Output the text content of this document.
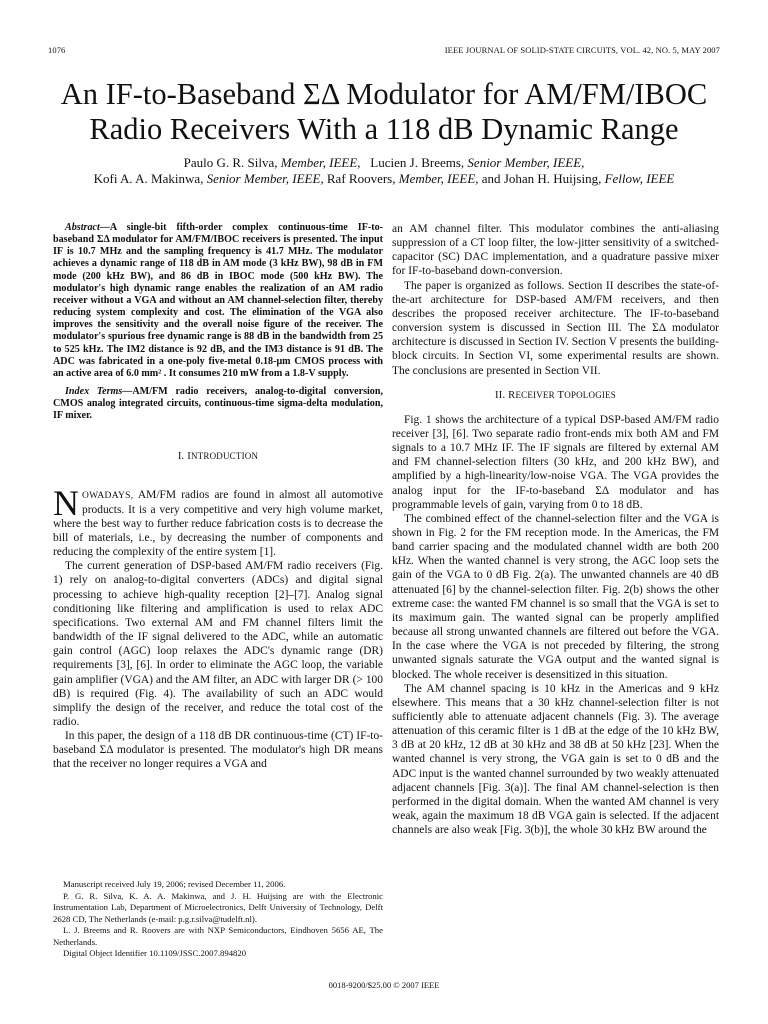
1076	IEEE JOURNAL OF SOLID-STATE CIRCUITS, VOL. 42, NO. 5, MAY 2007
An IF-to-Baseband ΣΔ Modulator for AM/FM/IBOC
Radio Receivers With a 118 dB Dynamic Range
Paulo G. R. Silva, Member, IEEE, Lucien J. Breems, Senior Member, IEEE,
Kofi A. A. Makinwa, Senior Member, IEEE, Raf Roovers, Member, IEEE, and Johan H. Huijsing, Fellow, IEEE

Abstract—A single-bit fifth-order complex continuous-time IF-to-baseband ΣΔ modulator for AM/FM/IBOC receivers is presented. The input IF is 10.7 MHz and the sampling frequency is 41.7 MHz. The modulator achieves a dynamic range of 118 dB in AM mode (3 kHz BW), 98 dB in FM mode (200 kHz BW), and 86 dB in IBOC mode (500 kHz BW). The modulator's high dynamic range enables the realization of an AM radio receiver without a VGA and without an AM channel-selection filter, thereby reducing system complexity and cost. The elimination of the VGA also improves the sensitivity and the overall noise figure of the receiver. The modulator's spurious free dynamic range is 88 dB in the bandwidth from 25 to 525 kHz. The IM2 distance is 92 dB, and the IM3 distance is 91 dB. The ADC was fabricated in a one-poly five-metal 0.18-μm CMOS process with an active area of 6.0 mm² . It consumes 210 mW from a 1.8-V supply.

Index Terms—AM/FM radio receivers, analog-to-digital conversion, CMOS analog integrated circuits, continuous-time sigma-delta modulation, IF mixer.

I. INTRODUCTION

NOWADAYS, AM/FM radios are found in almost all automotive products. It is a very competitive and very high volume market, where the best way to further reduce fabrication costs is to decrease the bill of materials, i.e., by decreasing the number of components and reducing the complexity of the entire system [1].

The current generation of DSP-based AM/FM radio receivers (Fig. 1) rely on analog-to-digital converters (ADCs) and digital signal processing to achieve high-quality reception [2]–[7]. Analog signal conditioning like filtering and amplification is used to relax ADC specifications. Two external AM and FM channel filters limit the bandwidth of the IF signal delivered to the ADC, while an automatic gain control (AGC) loop relaxes the ADC's dynamic range (DR) requirements [3], [6]. In order to eliminate the AGC loop, the variable gain amplifier (VGA) and the AM filter, an ADC with larger DR (> 100 dB) is required (Fig. 4). The availability of such an ADC would simplify the design of the receiver, and reduce the total cost of the radio.

In this paper, the design of a 118 dB DR continuous-time (CT) IF-to-baseband ΣΔ modulator is presented. The modulator's high DR means that the receiver no longer requires a VGA and

an AM channel filter. This modulator combines the anti-aliasing suppression of a CT loop filter, the low-jitter sensitivity of a switched-capacitor (SC) DAC implementation, and a quadrature passive mixer for IF-to-baseband down-conversion.

The paper is organized as follows. Section II describes the state-of-the-art architecture for DSP-based AM/FM receivers, and then describes the proposed receiver architecture. The IF-to-baseband conversion system is discussed in Section III. The ΣΔ modulator architecture is discussed in Section IV. Section V presents the building-block circuits. In Section VI, some experimental results are shown. The conclusions are presented in Section VII.

II. RECEIVER TOPOLOGIES

Fig. 1 shows the architecture of a typical DSP-based AM/FM radio receiver [3], [6]. Two separate radio front-ends mix both AM and FM signals to a 10.7 MHz IF. The IF signals are filtered by external AM and FM channel-selection filters (30 kHz, and 200 kHz BW), and amplified by a high-linearity/low-noise VGA. The VGA provides the analog input for the IF-to-baseband ΣΔ modulator and has programmable levels of gain, varying from 0 to 18 dB.

The combined effect of the channel-selection filter and the VGA is shown in Fig. 2 for the FM reception mode. In the Americas, the FM band carrier spacing and the modulated channel width are both 200 kHz. When the wanted channel is very strong, the AGC loop sets the gain of the VGA to 0 dB Fig. 2(a). The unwanted channels are 40 dB attenuated [6] by the channel-selection filter. Fig. 2(b) shows the other extreme case: the wanted FM channel is so small that the VGA is set to its maximum gain. The wanted signal can be properly amplified because all strong unwanted channels are filtered out before the VGA. In the case where the VGA is not preceded by filtering, the strong unwanted signals saturate the VGA output and the wanted signal is blocked. The whole receiver is desensitized in this situation.

The AM channel spacing is 10 kHz in the Americas and 9 kHz elsewhere. This means that a 30 kHz channel-selection filter is not sufficiently able to attenuate adjacent channels (Fig. 3). The average attenuation of this ceramic filter is 1 dB at the edge of the 10 kHz BW, 3 dB at 20 kHz, 12 dB at 30 kHz and 38 dB at 50 kHz [23]. When the wanted channel is very strong, the VGA gain is set to 0 dB and the ADC input is the wanted channel surrounded by two weakly attenuated adjacent channels [Fig. 3(a)]. The final AM channel-selection is then performed in the digital domain. When the wanted AM channel is very weak, again the maximum 18 dB VGA gain is selected. If the adjacent channels are also weak [Fig. 3(b)], the whole 30 kHz BW around the

Manuscript received July 19, 2006; revised December 11, 2006.

P. G. R. Silva, K. A. A. Makinwa, and J. H. Huijsing are with the Electronic Instrumentation Lab, Department of Microelectronics, Delft University of Technology, Delft 2628 CD, The Netherlands (e-mail: p.g.r.silva@tudelft.nl).

L. J. Breems and R. Roovers are with NXP Semiconductors, Eindhoven 5656 AE, The Netherlands.

Digital Object Identifier 10.1109/JSSC.2007.894820

0018-9200/$25.00 © 2007 IEEE
